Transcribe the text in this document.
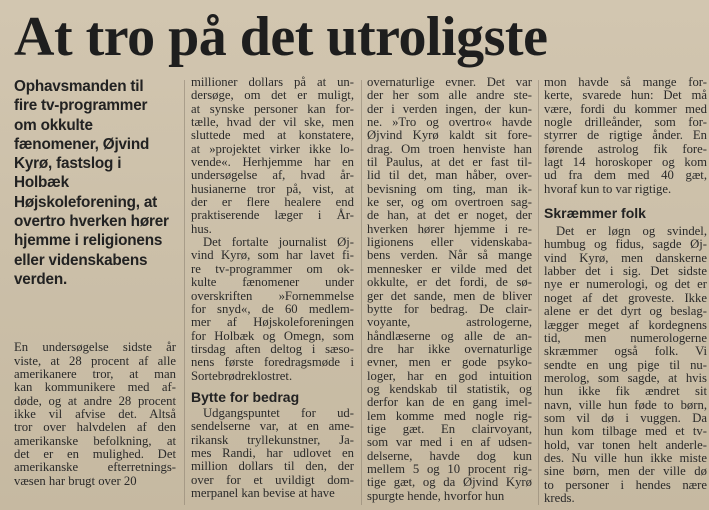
At tro på det utroligste

Ophavsmanden til fire tv-programmer om okkulte fænomener, Øjvind Kyrø, fastslog i Holbæk Højskoleforening, at overtro hverken hører hjemme i religionens eller videnskabens verden.

En undersøgelse sidste år
viste, at 28 procent af alle
amerikanere tror, at man
kan kommunikere med af-
døde, og at andre 28 procent
ikke vil afvise det. Altså
tror over halvdelen af den
amerikanske befolkning, at
det er en mulighed. Det
amerikanske efterretnings-
væsen har brugt over 20
millioner dollars på at un-
dersøge, om det er muligt,
at synske personer kan for-
tælle, hvad der vil ske, men
sluttede med at konstatere,
at »projektet virker ikke lo-
vende«. Herhjemme har en
undersøgelse af, hvad år-
husianerne tror på, vist, at
der er flere healere end
praktiserende læger i År-
hus.
Det fortalte journalist Øj-
vind Kyrø, som har lavet fi-
re tv-programmer om ok-
kulte fænomener under
overskriften »Fornemmelse
for snyd«, de 60 medlem-
mer af Højskoleforeningen
for Holbæk og Omegn, som
tirsdag aften deltog i sæso-
nens første foredragsmøde i
Sortebrødreklostret.
Bytte for bedrag
Udgangspuntet for ud-
sendelserne var, at en ame-
rikansk tryllekunstner, Ja-
mes Randi, har udlovet en
million dollars til den, der
over for et uvildigt dom-
merpanel kan bevise at have
overnaturlige evner. Det var
der her som alle andre ste-
der i verden ingen, der kun-
ne. »Tro og overtro« havde
Øjvind Kyrø kaldt sit fore-
drag. Om troen henviste han
til Paulus, at det er fast til-
lid til det, man håber, over-
bevisning om ting, man ik-
ke ser, og om overtroen sag-
de han, at det er noget, der
hverken hører hjemme i re-
ligionens eller videnskaba-
bens verden. Når så mange
mennesker er vilde med det
okkulte, er det fordi, de sø-
ger det sande, men de bliver
bytte for bedrag. De clair-
voyante, astrologerne,
håndlæserne og alle de an-
dre har ikke overnaturlige
evner, men er gode psyko-
loger, har en god intuition
og kendskab til statistik, og
derfor kan de en gang imel-
lem komme med nogle rig-
tige gæt. En clairvoyant,
som var med i en af udsen-
delserne, havde dog kun
mellem 5 og 10 procent rig-
tige gæt, og da Øjvind Kyrø
spurgte hende, hvorfor hun
mon havde så mange for-
kerte, svarede hun: Det må
være, fordi du kommer med
nogle drilleånder, som for-
styrrer de rigtige ånder. En
førende astrolog fik fore-
lagt 14 horoskoper og kom
ud fra dem med 40 gæt,
hvoraf kun to var rigtige.
Skræmmer folk
Det er løgn og svindel,
humbug og fidus, sagde Øj-
vind Kyrø, men danskerne
labber det i sig. Det sidste
nye er numerologi, og det er
noget af det groveste. Ikke
alene er det dyrt og beslag-
lægger meget af kordegnens
tid, men numerologerne
skræmmer også folk. Vi
sendte en ung pige til nu-
merolog, som sagde, at hvis
hun ikke fik ændret sit
navn, ville hun føde to børn,
som vil dø i vuggen. Da
hun kom tilbage med et tv-
hold, var tonen helt anderle-
des. Nu ville hun ikke miste
sine børn, men der ville dø
to personer i hendes nære
kreds.
